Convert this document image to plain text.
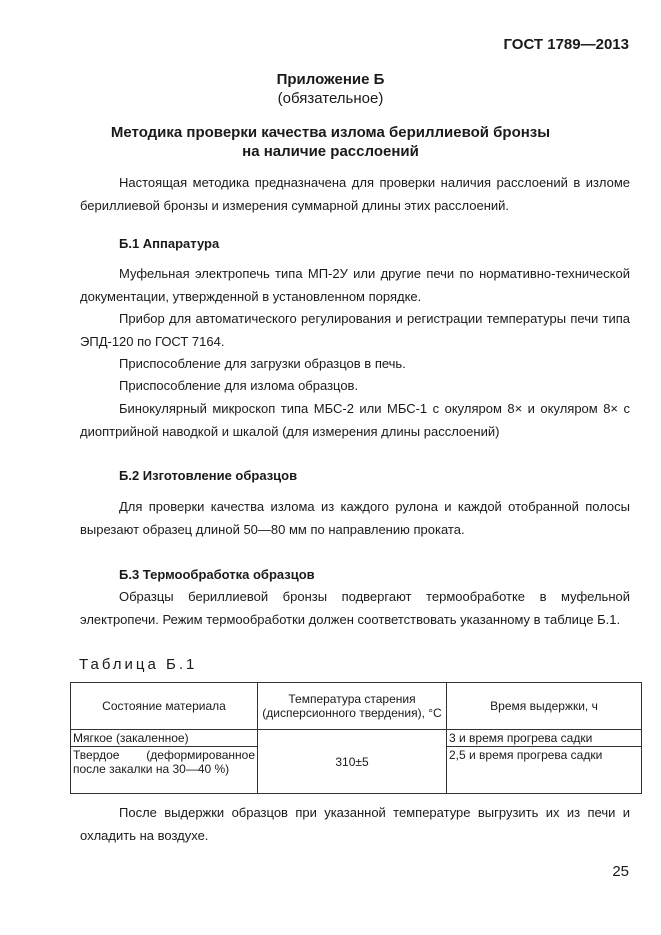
ГОСТ 1789—2013
Приложение Б
(обязательное)
Методика проверки качества излома бериллиевой бронзы
на наличие расслоений
Настоящая методика предназначена для проверки наличия расслоений в изломе бериллиевой бронзы и измерения суммарной длины этих расслоений.
Б.1 Аппаратура
Муфельная электропечь типа МП-2У или другие печи по нормативно-технической документации, утвержденной в установленном порядке.
Прибор для автоматического регулирования и регистрации температуры печи типа ЭПД-120 по ГОСТ 7164.
Приспособление для загрузки образцов в печь.
Приспособление для излома образцов.
Бинокулярный микроскоп типа МБС-2 или МБС-1 с окуляром 8× и окуляром 8× с диоптрийной наводкой и шкалой (для измерения длины расслоений)
Б.2 Изготовление образцов
Для проверки качества излома из каждого рулона и каждой отобранной полосы вырезают образец длиной 50—80 мм по направлению проката.
Б.3 Термообработка образцов
Образцы бериллиевой бронзы подвергают термообработке в муфельной электропечи. Режим термообработки должен соответствовать указанному в таблице Б.1.
Таблица Б.1
Состояние материала	Температура старения (дисперсионного твердения), °С	Время выдержки, ч
Мягкое (закаленное)	310±5	3 и время прогрева садки
Твердое (деформированное после закалки на 30—40 %)		2,5 и время прогрева садки
После выдержки образцов при указанной температуре выгрузить их из печи и охладить на воздухе.
25
